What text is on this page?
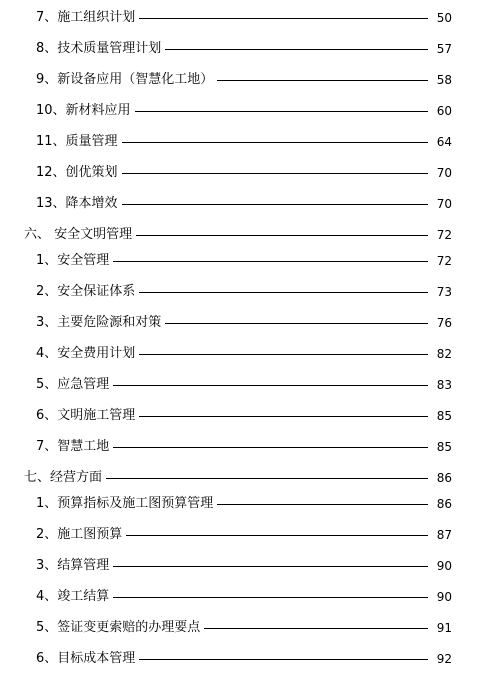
7、施工组织计划	50
8、技术质量管理计划	57
9、新设备应用（智慧化工地）	58
10、新材料应用	60
11、质量管理	64
12、创优策划	70
13、降本增效	70
六、 安全文明管理	72
1、安全管理	72
2、安全保证体系	73
3、主要危险源和对策	76
4、安全费用计划	82
5、应急管理	83
6、文明施工管理	85
7、智慧工地	85
七、经营方面	86
1、预算指标及施工图预算管理	86
2、施工图预算	87
3、结算管理	90
4、竣工结算	90
5、签证变更索赔的办理要点	91
6、目标成本管理	92
